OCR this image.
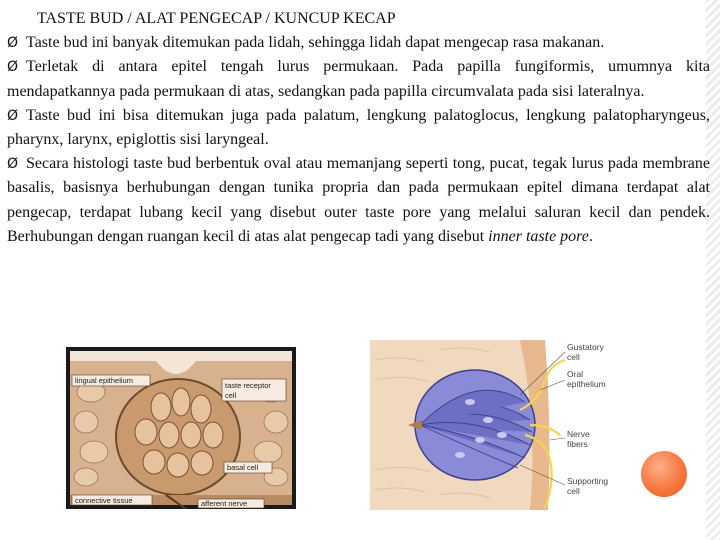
TASTE BUD / ALAT PENGECAP / KUNCUP KECAP
Ø Taste bud ini banyak ditemukan pada lidah, sehingga lidah dapat mengecap rasa makanan.
Ø Terletak di antara epitel tengah lurus permukaan. Pada papilla fungiformis, umumnya kita mendapatkannya pada permukaan di atas, sedangkan pada papilla circumvalata pada sisi lateralnya.
Ø Taste bud ini bisa ditemukan juga pada palatum, lengkung palatoglocus, lengkung palatopharyngeus, pharynx, larynx, epiglottis sisi laryngeal.
Ø Secara histologi taste bud berbentuk oval atau memanjang seperti tong, pucat, tegak lurus pada membrane basalis, basisnya berhubungan dengan tunika propria dan pada permukaan epitel dimana terdapat alat pengecap, terdapat lubang kecil yang disebut outer taste pore yang melalui saluran kecil dan pendek. Berhubungan dengan ruangan kecil di atas alat pengecap tadi yang disebut inner taste pore.
lingual epithelium
taste receptor
cell
basal cell
connective tissue	afferent nerve
Gustatory
cell
Oral
epithelium
Nerve
fibers
Supporting
cell
